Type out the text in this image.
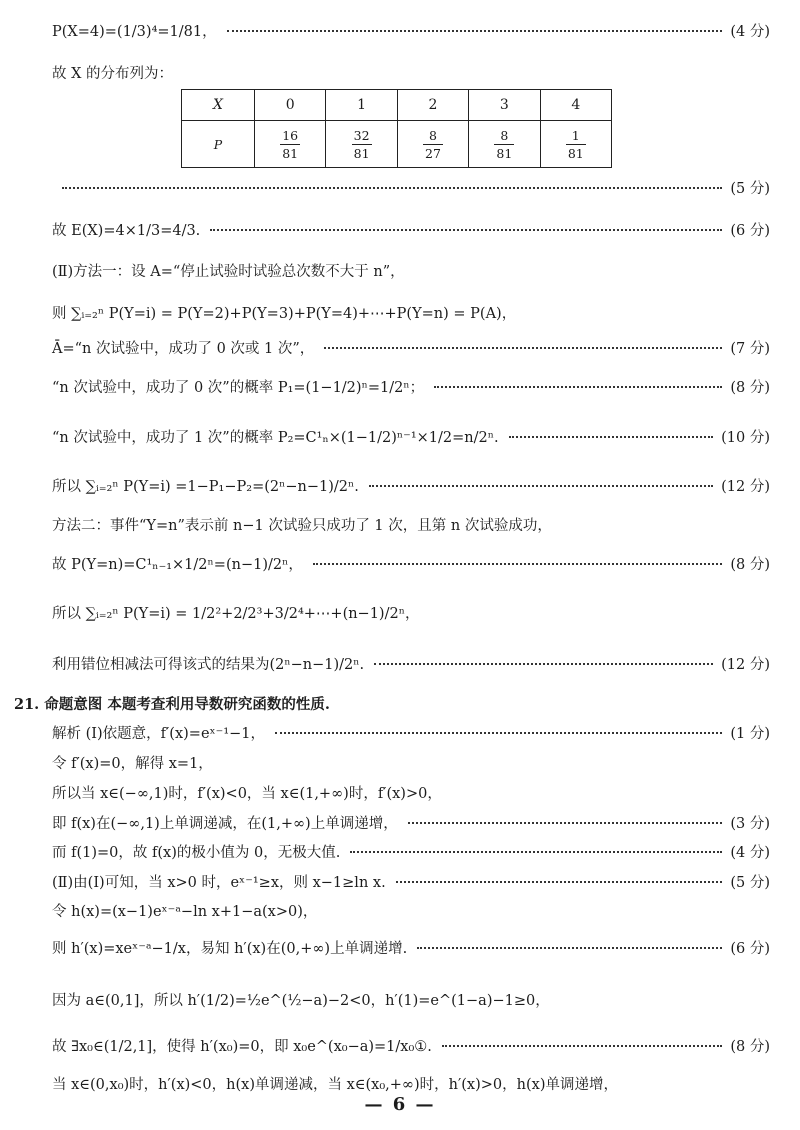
P(X=4)=(1/3)⁴=1/81，	(4 分)
故 X 的分布列为：
X	0	1	2	3	4
P	$\frac{16}{81}$	$\frac{32}{81}$	$\frac{8}{27}$	$\frac{8}{81}$	$\frac{1}{81}$
(5 分)
故 E(X)=4×1/3=4/3.	(6 分)
(Ⅱ)方法一：设 A=“停止试验时试验总次数不大于 n”，
则 ∑ᵢ₌₂ⁿ P(Y=i) = P(Y=2)+P(Y=3)+P(Y=4)+⋯+P(Y=n) = P(A)，
Ā=“n 次试验中，成功了 0 次或 1 次”，	(7 分)
“n 次试验中，成功了 0 次”的概率 P₁=(1−1/2)ⁿ=1/2ⁿ；	(8 分)
“n 次试验中，成功了 1 次”的概率 P₂=C¹ₙ×(1−1/2)ⁿ⁻¹×1/2=n/2ⁿ.	(10 分)
所以 ∑ᵢ₌₂ⁿ P(Y=i) =1−P₁−P₂=(2ⁿ−n−1)/2ⁿ.	(12 分)
方法二：事件“Y=n”表示前 n−1 次试验只成功了 1 次，且第 n 次试验成功，
故 P(Y=n)=C¹ₙ₋₁×1/2ⁿ=(n−1)/2ⁿ，	(8 分)
所以 ∑ᵢ₌₂ⁿ P(Y=i) = 1/2²+2/2³+3/2⁴+⋯+(n−1)/2ⁿ，
利用错位相减法可得该式的结果为(2ⁿ−n−1)/2ⁿ.	(12 分)
21. 命题意图 本题考查利用导数研究函数的性质.
解析 (Ⅰ)依题意，f′(x)=eˣ⁻¹−1，	(1 分)
令 f′(x)=0，解得 x=1，
所以当 x∈(−∞,1)时，f′(x)<0，当 x∈(1,+∞)时，f′(x)>0，
即 f(x)在(−∞,1)上单调递减，在(1,+∞)上单调递增，	(3 分)
而 f(1)=0，故 f(x)的极小值为 0，无极大值.	(4 分)
(Ⅱ)由(Ⅰ)可知，当 x>0 时，eˣ⁻¹≥x，则 x−1≥ln x.	(5 分)
令 h(x)=(x−1)eˣ⁻ᵃ−ln x+1−a(x>0)，
则 h′(x)=xeˣ⁻ᵃ−1/x，易知 h′(x)在(0,+∞)上单调递增.	(6 分)
因为 a∈(0,1]，所以 h′(1/2)=½e^(½−a)−2<0，h′(1)=e^(1−a)−1≥0，
故 ∃x₀∈(1/2,1]，使得 h′(x₀)=0，即 x₀e^(x₀−a)=1/x₀①.	(8 分)
当 x∈(0,x₀)时，h′(x)<0，h(x)单调递减，当 x∈(x₀,+∞)时，h′(x)>0，h(x)单调递增，
— 6 —
